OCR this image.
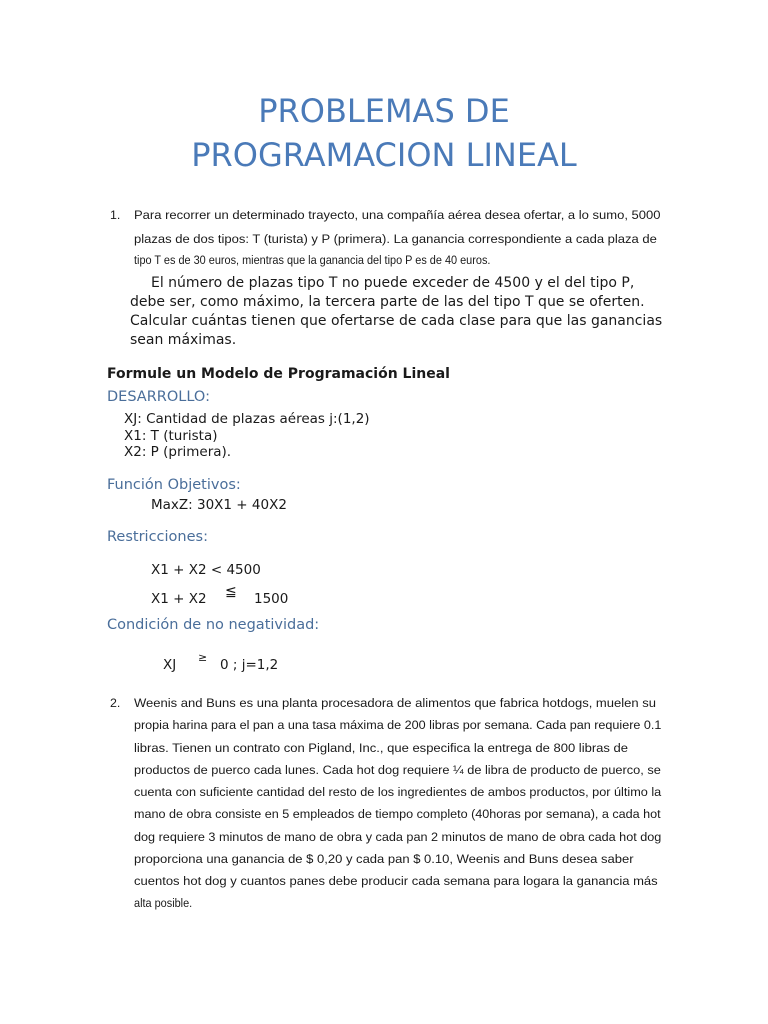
PROBLEMAS DE
PROGRAMACION LINEAL
1. Para recorrer un determinado trayecto, una compañía aérea desea ofertar, a lo sumo, 5000
plazas de dos tipos: T (turista) y P (primera). La ganancia correspondiente a cada plaza de
tipo T es de 30 euros, mientras que la ganancia del tipo P es de 40 euros.
El número de plazas tipo T no puede exceder de 4500 y el del tipo P,
debe ser, como máximo, la tercera parte de las del tipo T que se oferten.
Calcular cuántas tienen que ofertarse de cada clase para que las ganancias
sean máximas.
Formule un Modelo de Programación Lineal
DESARROLLO:
XJ: Cantidad de plazas aéreas j:(1,2)
X1: T (turista)
X2: P (primera).
Función Objetivos:
MaxZ: 30X1 + 40X2
Restricciones:
X1 + X2 < 4500
X1 + X2 ≦ 1500
Condición de no negatividad:
XJ ≥ 0 ; j=1,2
2. Weenis and Buns es una planta procesadora de alimentos que fabrica hotdogs, muelen su
propia harina para el pan a una tasa máxima de 200 libras por semana. Cada pan requiere 0.1
libras. Tienen un contrato con Pigland, Inc., que especifica la entrega de 800 libras de
productos de puerco cada lunes. Cada hot dog requiere ¼ de libra de producto de puerco, se
cuenta con suficiente cantidad del resto de los ingredientes de ambos productos, por último la
mano de obra consiste en 5 empleados de tiempo completo (40horas por semana), a cada hot
dog requiere 3 minutos de mano de obra y cada pan 2 minutos de mano de obra cada hot dog
proporciona una ganancia de $ 0,20 y cada pan $ 0.10, Weenis and Buns desea saber
cuentos hot dog y cuantos panes debe producir cada semana para logara la ganancia más
alta posible.
